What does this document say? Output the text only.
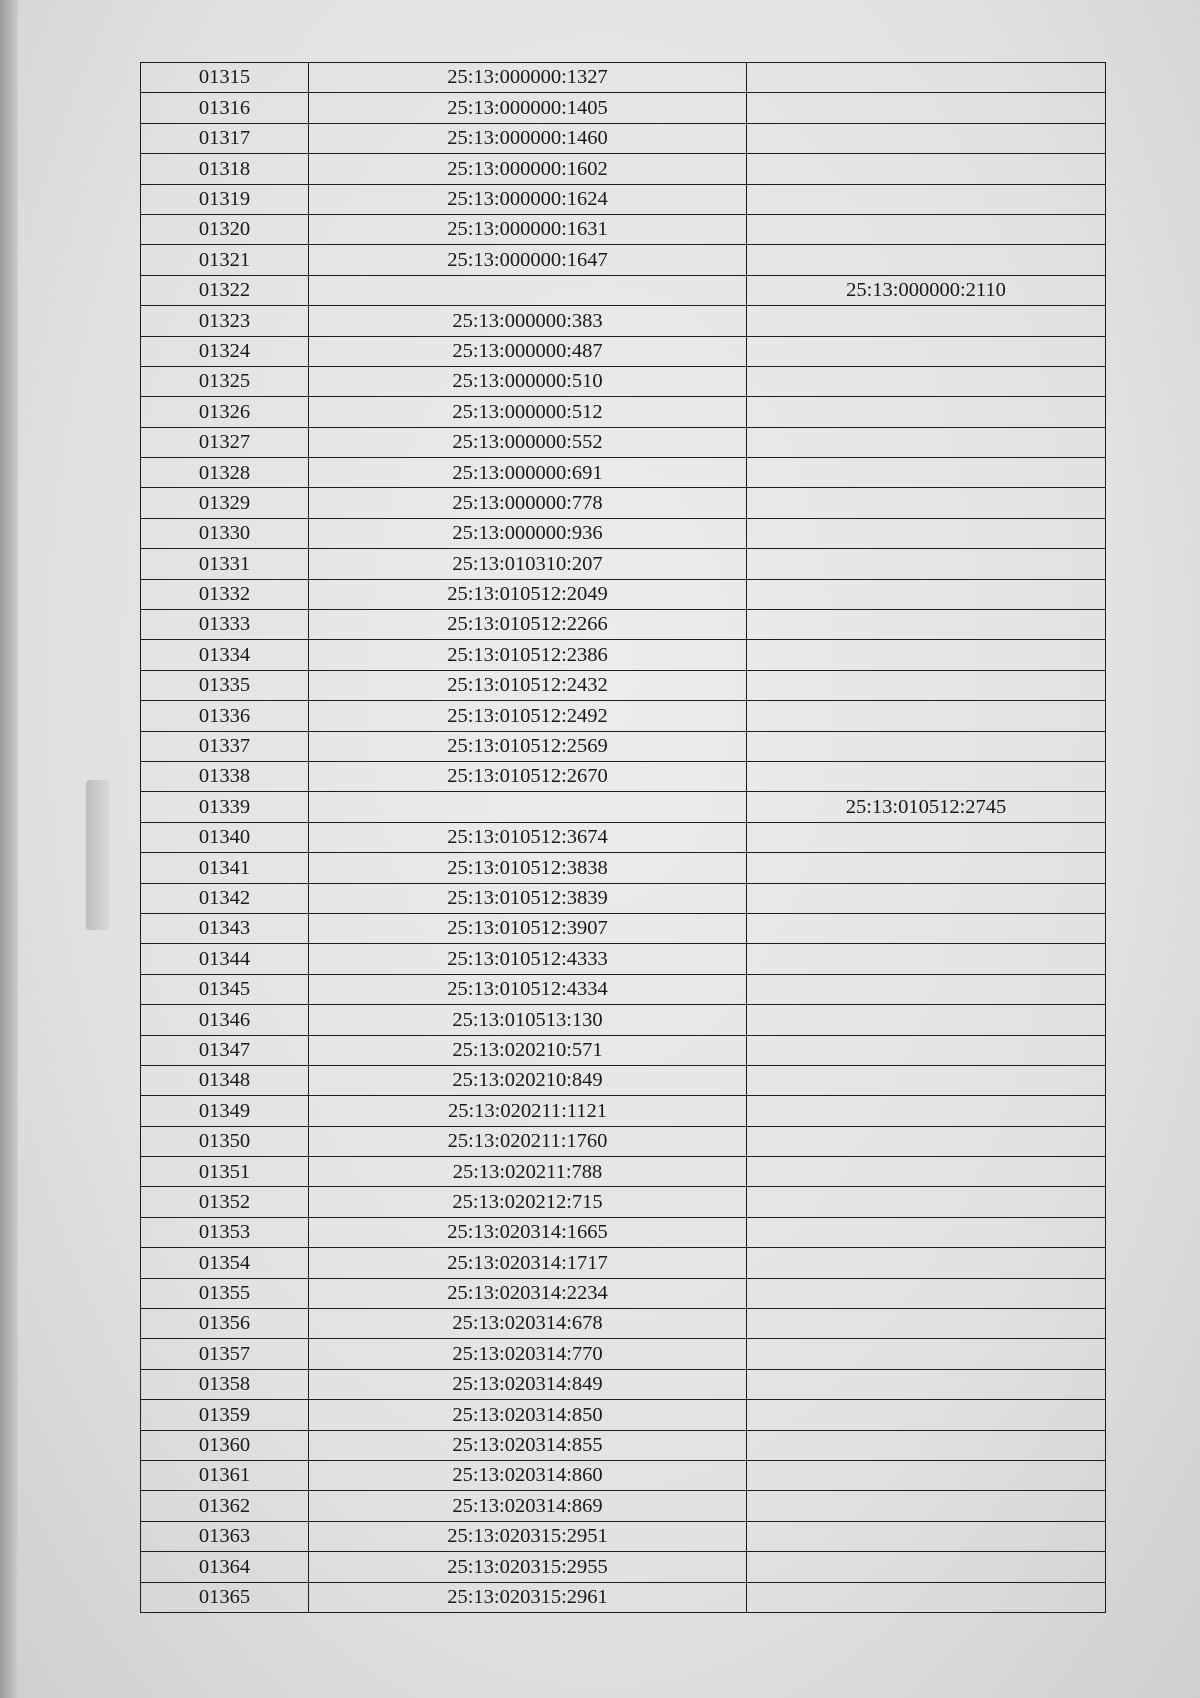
01315	25:13:000000:1327	
01316	25:13:000000:1405	
01317	25:13:000000:1460	
01318	25:13:000000:1602	
01319	25:13:000000:1624	
01320	25:13:000000:1631	
01321	25:13:000000:1647	
01322		25:13:000000:2110
01323	25:13:000000:383	
01324	25:13:000000:487	
01325	25:13:000000:510	
01326	25:13:000000:512	
01327	25:13:000000:552	
01328	25:13:000000:691	
01329	25:13:000000:778	
01330	25:13:000000:936	
01331	25:13:010310:207	
01332	25:13:010512:2049	
01333	25:13:010512:2266	
01334	25:13:010512:2386	
01335	25:13:010512:2432	
01336	25:13:010512:2492	
01337	25:13:010512:2569	
01338	25:13:010512:2670	
01339		25:13:010512:2745
01340	25:13:010512:3674	
01341	25:13:010512:3838	
01342	25:13:010512:3839	
01343	25:13:010512:3907	
01344	25:13:010512:4333	
01345	25:13:010512:4334	
01346	25:13:010513:130	
01347	25:13:020210:571	
01348	25:13:020210:849	
01349	25:13:020211:1121	
01350	25:13:020211:1760	
01351	25:13:020211:788	
01352	25:13:020212:715	
01353	25:13:020314:1665	
01354	25:13:020314:1717	
01355	25:13:020314:2234	
01356	25:13:020314:678	
01357	25:13:020314:770	
01358	25:13:020314:849	
01359	25:13:020314:850	
01360	25:13:020314:855	
01361	25:13:020314:860	
01362	25:13:020314:869	
01363	25:13:020315:2951	
01364	25:13:020315:2955	
01365	25:13:020315:2961	
